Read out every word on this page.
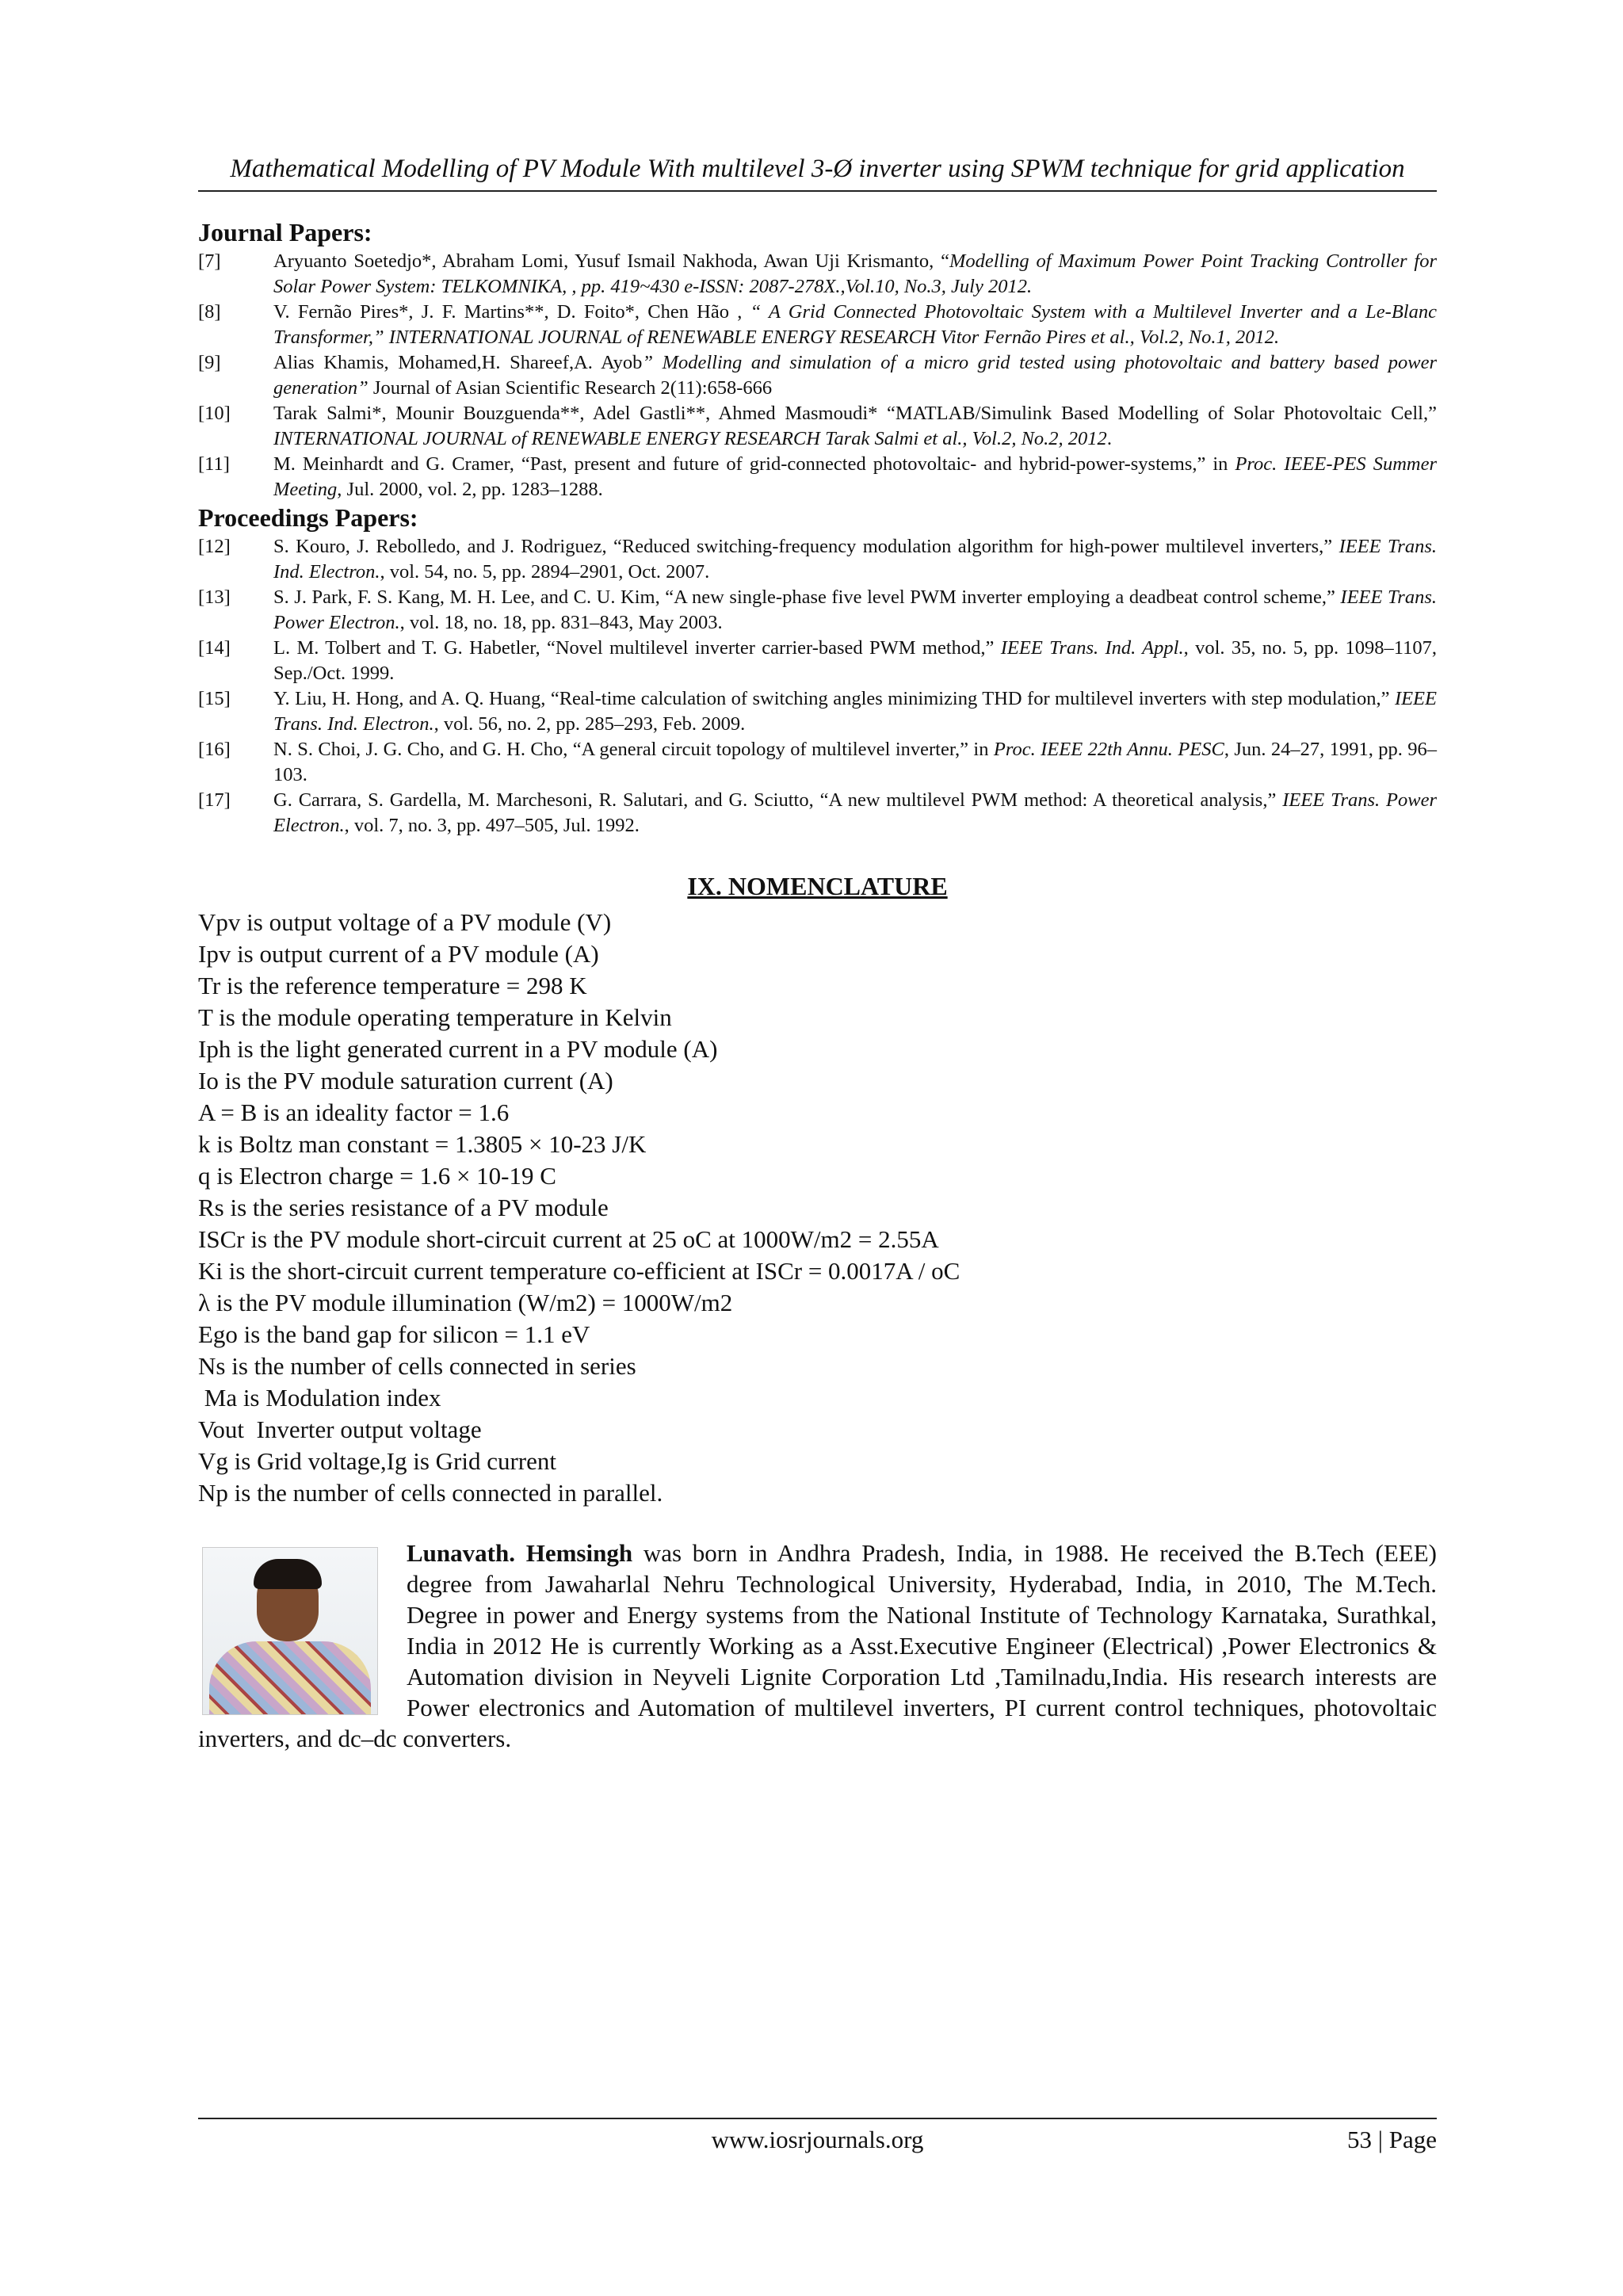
Mathematical Modelling of PV Module With multilevel 3-Ø inverter using SPWM technique for grid application
Journal Papers:
[7]	Aryuanto Soetedjo*, Abraham Lomi, Yusuf Ismail Nakhoda, Awan Uji Krismanto, “Modelling of Maximum Power Point Tracking Controller for Solar Power System: TELKOMNIKA, , pp. 419~430 e-ISSN: 2087-278X.,Vol.10, No.3, July 2012.
[8]	V. Fernão Pires*, J. F. Martins**, D. Foito*, Chen Hão , “ A Grid Connected Photovoltaic System with a Multilevel Inverter and a Le-Blanc Transformer,” INTERNATIONAL JOURNAL of RENEWABLE ENERGY RESEARCH Vitor Fernão Pires et al., Vol.2, No.1, 2012.
[9]	Alias Khamis, Mohamed,H. Shareef,A. Ayob” Modelling and simulation of a micro grid tested using photovoltaic and battery based power generation” Journal of Asian Scientific Research 2(11):658-666
[10]	Tarak Salmi*, Mounir Bouzguenda**, Adel Gastli**, Ahmed Masmoudi* “MATLAB/Simulink Based Modelling of Solar Photovoltaic Cell,” INTERNATIONAL JOURNAL of RENEWABLE ENERGY RESEARCH Tarak Salmi et al., Vol.2, No.2, 2012.
[11]	M. Meinhardt and G. Cramer, “Past, present and future of grid-connected photovoltaic- and hybrid-power-systems,” in Proc. IEEE-PES Summer Meeting, Jul. 2000, vol. 2, pp. 1283–1288.
Proceedings Papers:
[12]	S. Kouro, J. Rebolledo, and J. Rodriguez, “Reduced switching-frequency modulation algorithm for high-power multilevel inverters,” IEEE Trans. Ind. Electron., vol. 54, no. 5, pp. 2894–2901, Oct. 2007.
[13]	S. J. Park, F. S. Kang, M. H. Lee, and C. U. Kim, “A new single-phase five level PWM inverter employing a deadbeat control scheme,” IEEE Trans. Power Electron., vol. 18, no. 18, pp. 831–843, May 2003.
[14]	L. M. Tolbert and T. G. Habetler, “Novel multilevel inverter carrier-based PWM method,” IEEE Trans. Ind. Appl., vol. 35, no. 5, pp. 1098–1107, Sep./Oct. 1999.
[15]	Y. Liu, H. Hong, and A. Q. Huang, “Real-time calculation of switching angles minimizing THD for multilevel inverters with step modulation,” IEEE Trans. Ind. Electron., vol. 56, no. 2, pp. 285–293, Feb. 2009.
[16]	N. S. Choi, J. G. Cho, and G. H. Cho, “A general circuit topology of multilevel inverter,” in Proc. IEEE 22th Annu. PESC, Jun. 24–27, 1991, pp. 96–103.
[17]	G. Carrara, S. Gardella, M. Marchesoni, R. Salutari, and G. Sciutto, “A new multilevel PWM method: A theoretical analysis,” IEEE Trans. Power Electron., vol. 7, no. 3, pp. 497–505, Jul. 1992.
IX. NOMENCLATURE
Vpv is output voltage of a PV module (V)
Ipv is output current of a PV module (A)
Tr is the reference temperature = 298 K
T is the module operating temperature in Kelvin
Iph is the light generated current in a PV module (A)
Io is the PV module saturation current (A)
A = B is an ideality factor = 1.6
k is Boltz man constant = 1.3805 × 10-23 J/K
q is Electron charge = 1.6 × 10-19 C
Rs is the series resistance of a PV module
ISCr is the PV module short-circuit current at 25 oC at 1000W/m2 = 2.55A
Ki is the short-circuit current temperature co-efficient at ISCr = 0.0017A / oC
λ is the PV module illumination (W/m2) = 1000W/m2
Ego is the band gap for silicon = 1.1 eV
Ns is the number of cells connected in series
Ma is Modulation index
Vout  Inverter output voltage
Vg is Grid voltage,Ig is Grid current
Np is the number of cells connected in parallel.
Lunavath. Hemsingh was born in Andhra Pradesh, India, in 1988. He received the B.Tech (EEE) degree from Jawaharlal Nehru Technological University, Hyderabad, India, in 2010, The M.Tech. Degree in power and Energy systems from the National Institute of Technology Karnataka, Surathkal, India in 2012 He is currently Working as a Asst.Executive Engineer (Electrical) ,Power Electronics & Automation division in Neyveli Lignite Corporation Ltd ,Tamilnadu,India. His research interests are Power electronics and Automation of multilevel inverters, PI current control techniques, photovoltaic inverters, and dc–dc converters.
www.iosrjournals.org	53 | Page
